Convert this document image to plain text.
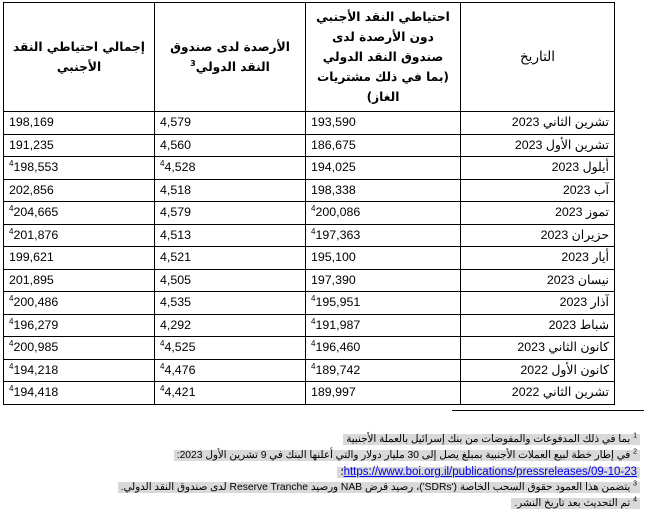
إجمالي احتياطي النقد الأجنبي	الأرصدة لدى صندوق النقد الدولي$^3$	احتياطي النقد الأجنبي دون الأرصدة لدى صندوق النقد الدولي (بما في ذلك مشتريات الغاز)	التاريخ
198,169	4,579	193,590	تشرين الثاني 2023
191,235	4,560	186,675	تشرين الأول 2023
$^4$198,553	$^4$4,528	194,025	أيلول 2023
202,856	4,518	198,338	آب 2023
$^4$204,665	4,579	$^4$200,086	تموز 2023
$^4$201,876	4,513	$^4$197,363	حزيران 2023
199,621	4,521	195,100	أيار 2023
201,895	4,505	197,390	نيسان 2023
$^4$200,486	4,535	$^4$195,951	آذار 2023
$^4$196,279	4,292	$^4$191,987	شباط 2023
$^4$200,985	$^4$4,525	$^4$196,460	كانون الثاني 2023
$^4$194,218	$^4$4,476	$^4$189,742	كانون الأول 2022
$^4$194,418	$^4$4,421	189,997	تشرين الثاني 2022
$^1$ بما في ذلك المدفوعات والمفوضات من بنك إسرائيل بالعملة الأجنبية
$^2$ في إطار خطة لبيع العملات الأجنبية بمبلغ يصل إلى 30 مليار دولار والتي أعلنها البنك في 9 تشرين الأول 2023:
https://www.boi.org.il/publications/pressreleases/09-10-23؛
$^3$ يتضمن هذا العمود حقوق السحب الخاصة ('SDRs')، رصيد قرض NAB ورصيد Reserve Tranche لدى صندوق النقد الدولي.
$^4$ تم التحديث بعد تاريخ النشر.
